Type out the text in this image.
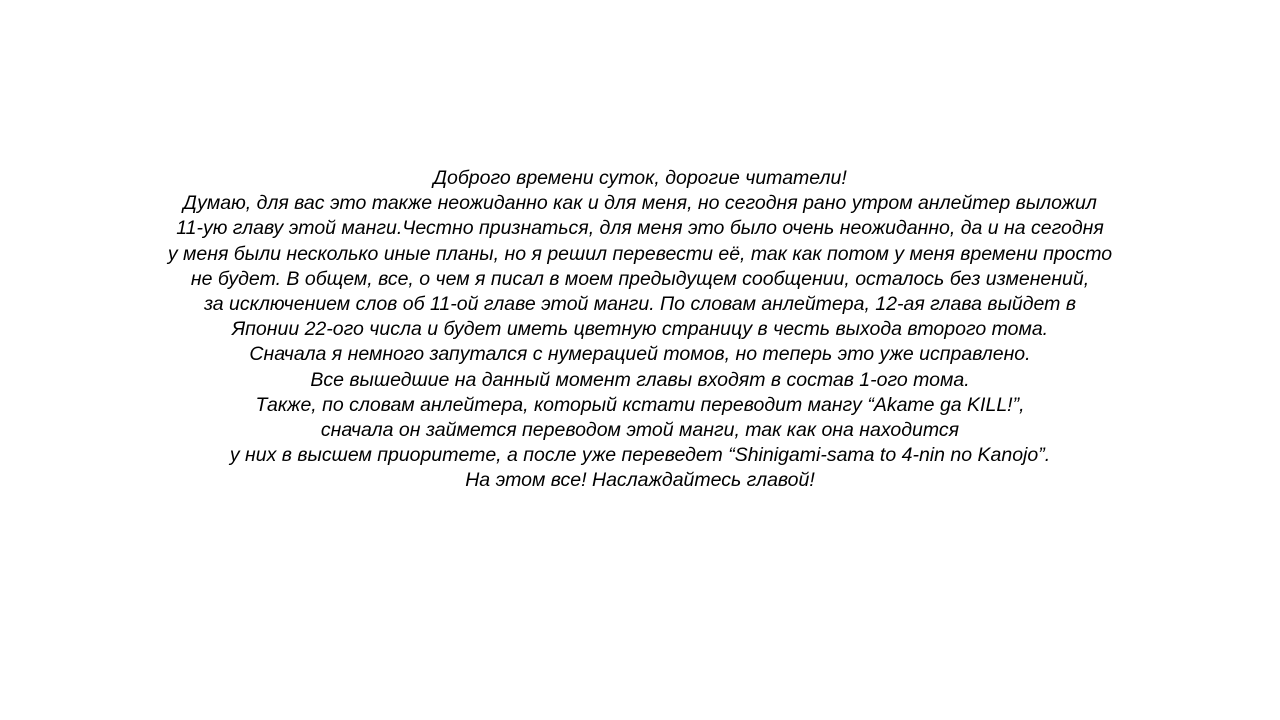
Доброго времени суток, дорогие читатели!
Думаю, для вас это также неожиданно как и для меня, но сегодня рано утром анлейтер выложил
11-ую главу этой манги.Честно признаться, для меня это было очень неожиданно, да и на сегодня
у меня были несколько иные планы, но я решил перевести её, так как потом у меня времени просто
не будет. В общем, все, о чем я писал в моем предыдущем сообщении, осталось без изменений,
за исключением слов об 11-ой главе этой манги. По словам анлейтера, 12-ая глава выйдет в
Японии 22-ого числа и будет иметь цветную страницу в честь выхода второго тома.
Сначала я немного запутался с нумерацией томов, но теперь это уже исправлено.
Все вышедшие на данный момент главы входят в состав 1-ого тома.
Также, по словам анлейтера, который кстати переводит мангу “Akame ga KILL!”,
сначала он займется переводом этой манги, так как она находится
у них в высшем приоритете, а после уже переведет “Shinigami-sama to 4-nin no Kanojo”.
На этом все! Наслаждайтесь главой!
